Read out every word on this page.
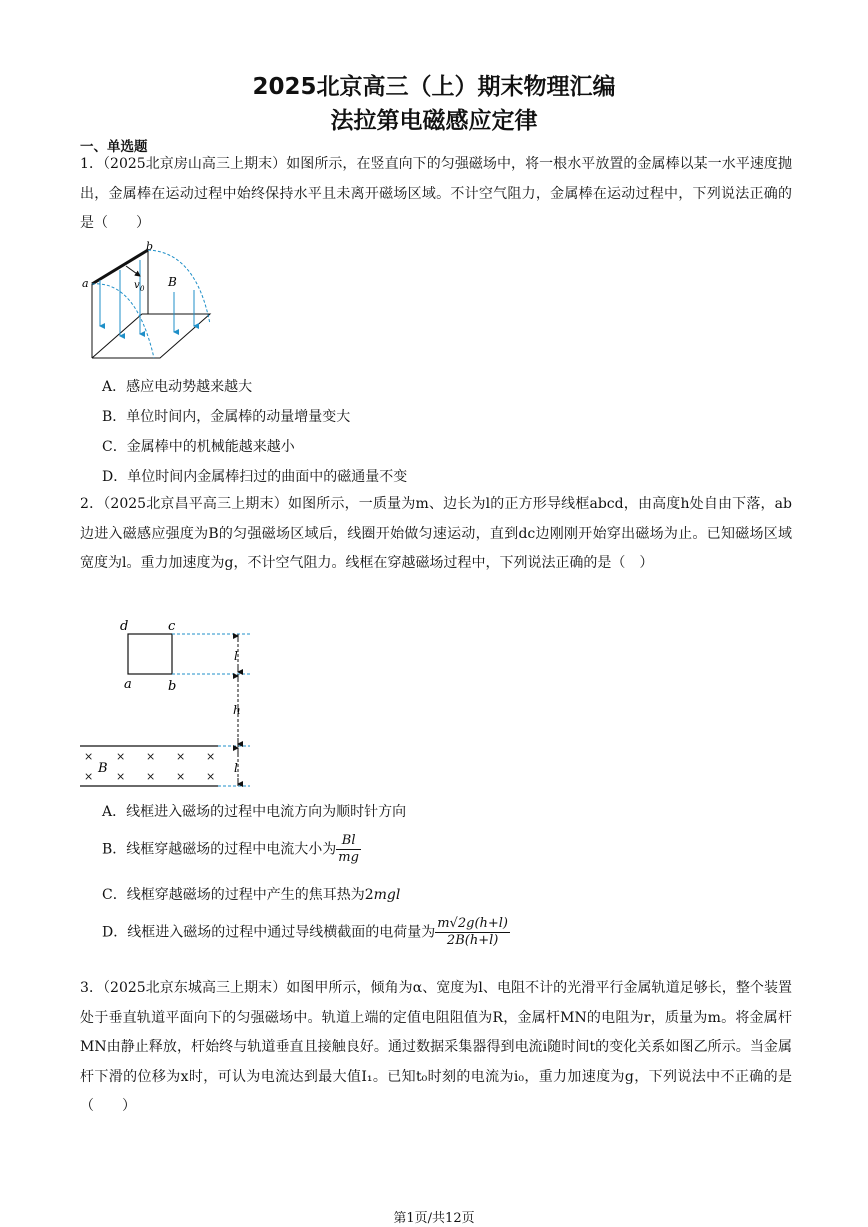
2025北京高三（上）期末物理汇编
法拉第电磁感应定律
一、单选题
1．（2025北京房山高三上期末）如图所示，在竖直向下的匀强磁场中，将一根水平放置的金属棒以某一水平速度抛出，金属棒在运动过程中始终保持水平且未离开磁场区域。不计空气阻力，金属棒在运动过程中，下列说法正确的是（　　）
a
b
v 0 B
A．感应电动势越来越大
B．单位时间内，金属棒的动量增量变大
C．金属棒中的机械能越来越小
D．单位时间内金属棒扫过的曲面中的磁通量不变
2．（2025北京昌平高三上期末）如图所示，一质量为m、边长为l的正方形导线框abcd，由高度h处自由下落，ab边进入磁感应强度为B的匀强磁场区域后，线圈开始做匀速运动，直到dc边刚刚开始穿出磁场为止。已知磁场区域宽度为l。重力加速度为g，不计空气阻力。线框在穿越磁场过程中，下列说法正确的是（　）
d	c
a	b
l
h
l
× × × × ×
× × × × ×
B
A．线框进入磁场的过程中电流方向为顺时针方向
B．线框穿越磁场的过程中电流大小为 $\frac{Bl}{mg}$
C．线框穿越磁场的过程中产生的焦耳热为2mgl
D．线框进入磁场的过程中通过导线横截面的电荷量为 $\frac{m√2g(h+l)}{2B(h+l)}$
3．（2025北京东城高三上期末）如图甲所示，倾角为α、宽度为l、电阻不计的光滑平行金属轨道足够长，整个装置处于垂直轨道平面向下的匀强磁场中。轨道上端的定值电阻阻值为R，金属杆MN的电阻为r，质量为m。将金属杆MN由静止释放，杆始终与轨道垂直且接触良好。通过数据采集器得到电流i随时间t的变化关系如图乙所示。当金属杆下滑的位移为x时，可认为电流达到最大值I₁。已知t₀时刻的电流为i₀，重力加速度为g，下列说法中不正确的是（　　）
第1页/共12页
